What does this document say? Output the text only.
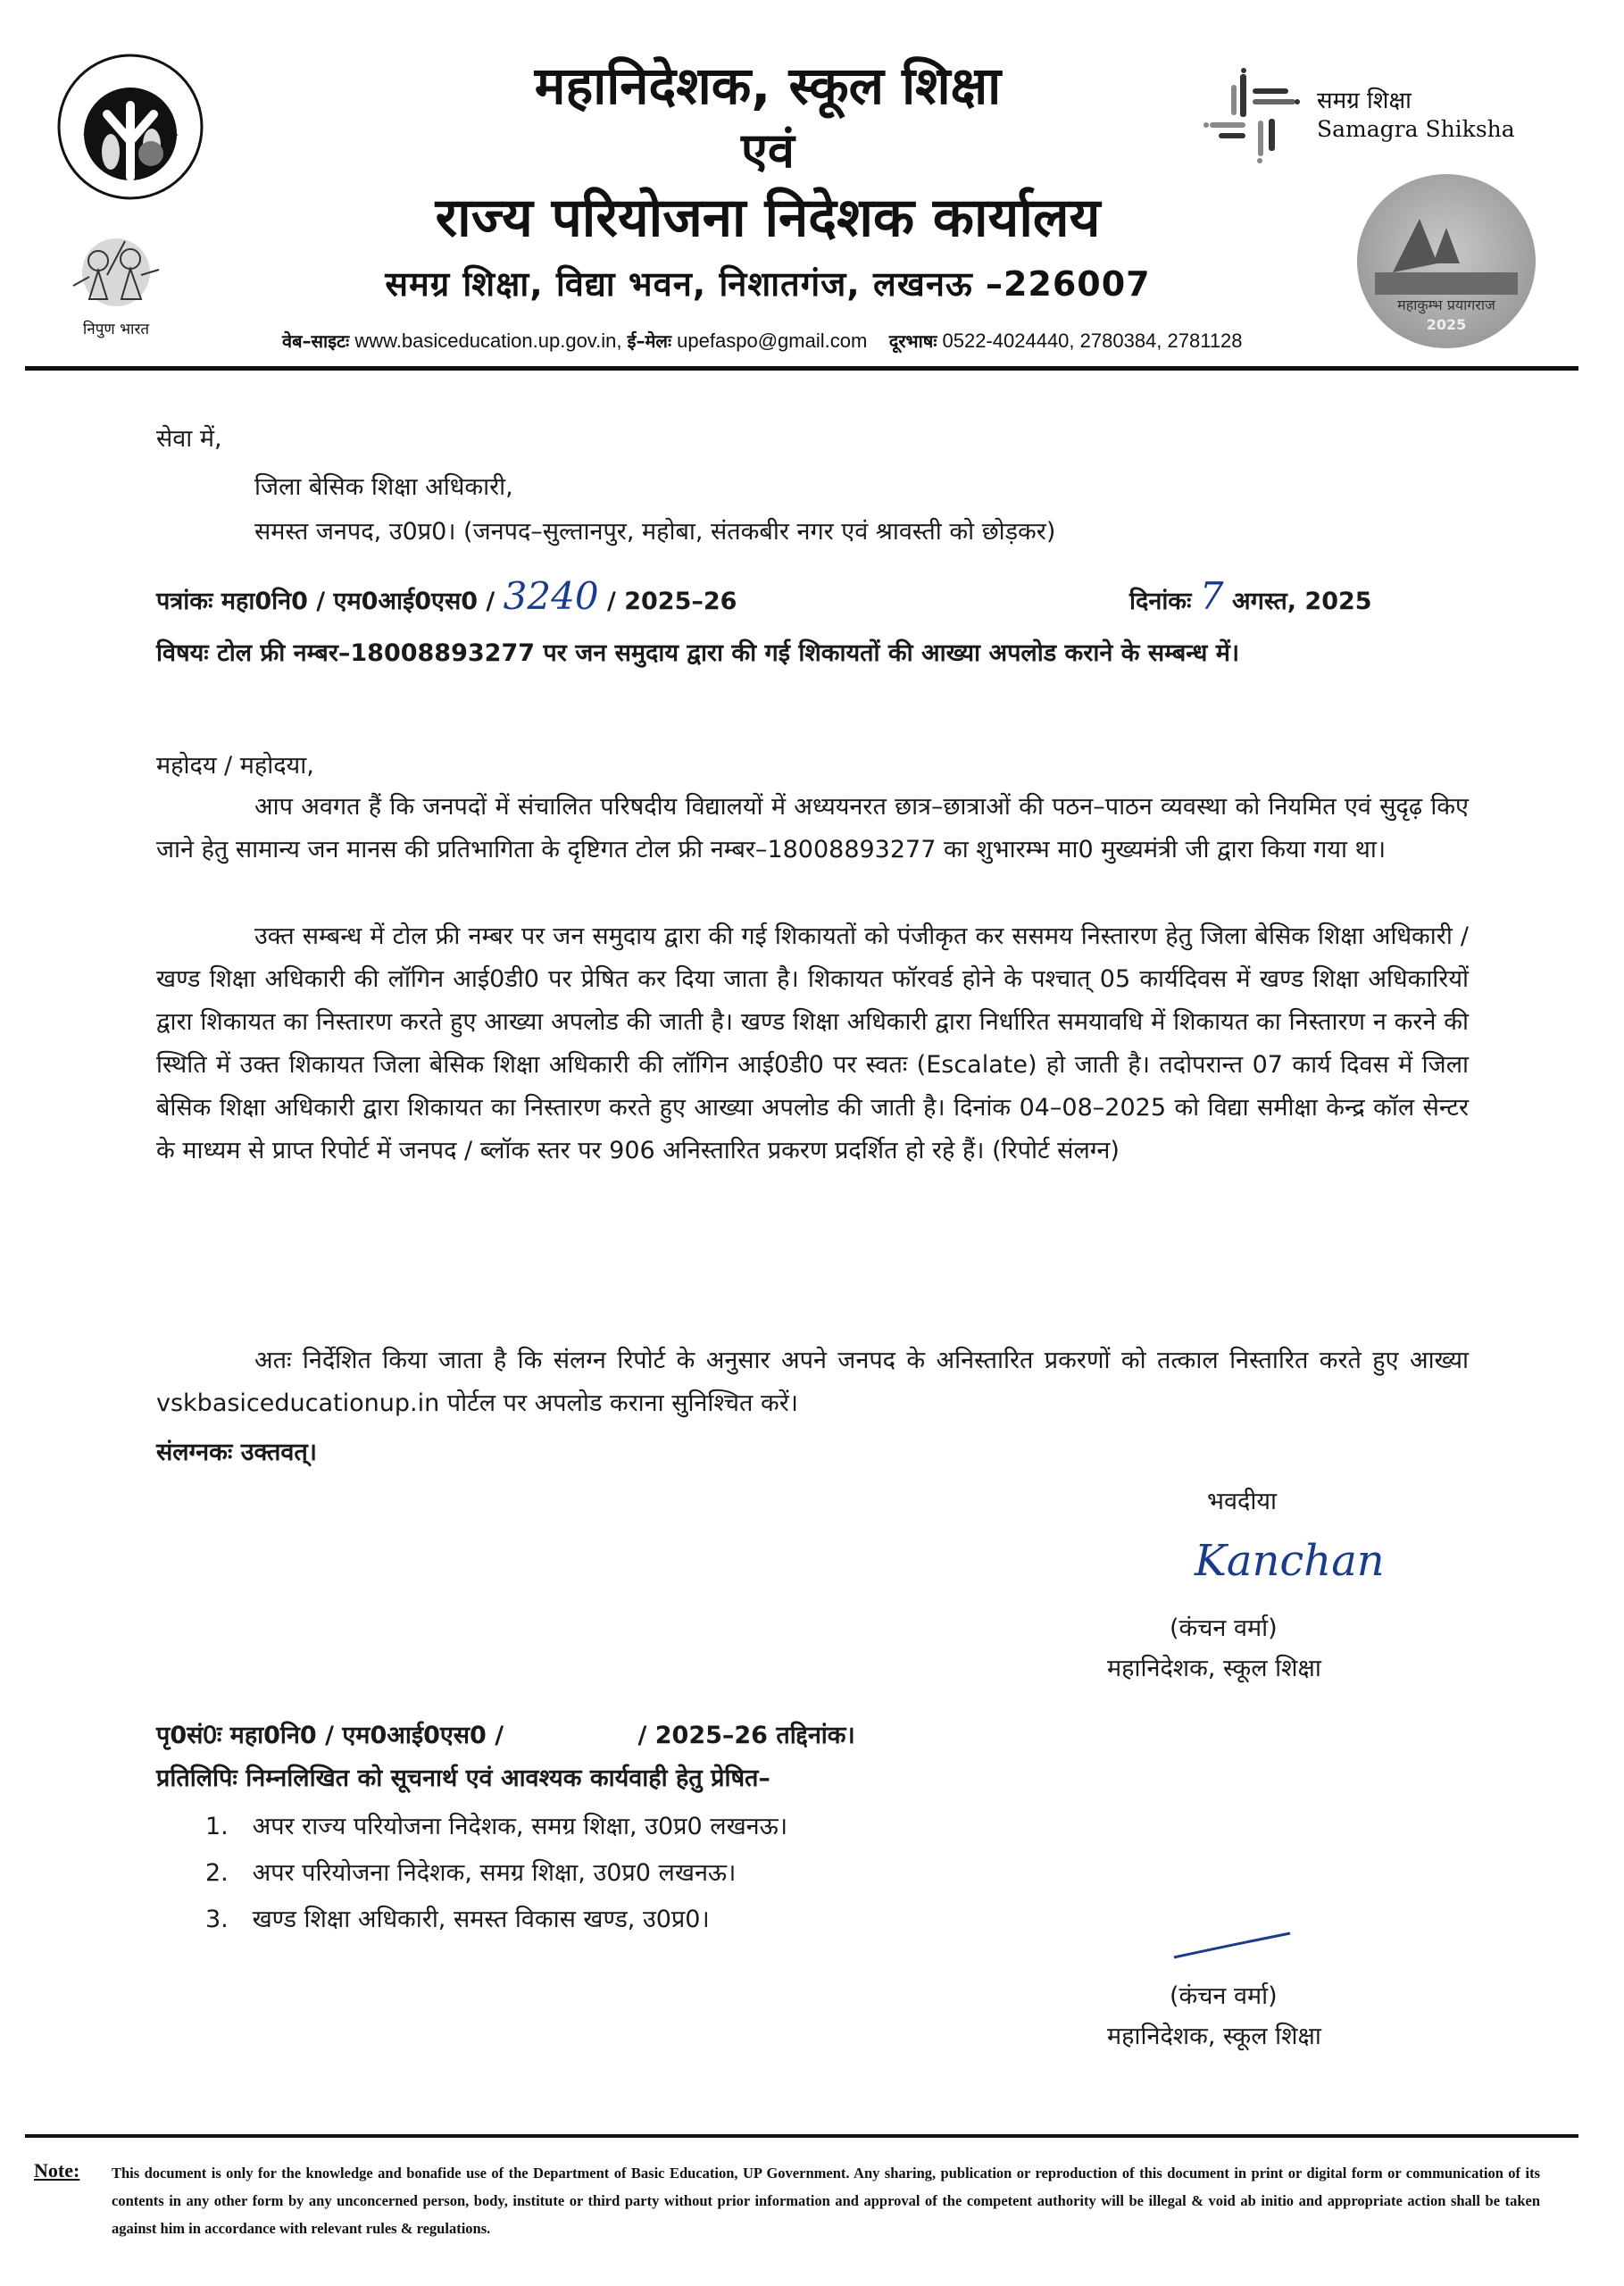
★	★
निपुण भारत
महानिदेशक, स्कूल शिक्षा
एवं
राज्य परियोजना निदेशक कार्यालय
समग्र शिक्षा, विद्या भवन, निशातगंज, लखनऊ –226007
वेब–साइटः www.basiceducation.up.gov.in, ई–मेलः upefaspo@gmail.com दूरभाषः 0522-4024440, 2780384, 2781128
समग्र शिक्षा
Samagra Shiksha
महाकुम्भ प्रयागराज
2025
सेवा में,
जिला बेसिक शिक्षा अधिकारी,
समस्त जनपद, उ0प्र0। (जनपद–सुल्तानपुर, महोबा, संतकबीर नगर एवं श्रावस्ती को छोड़कर)
पत्रांकः महा0नि0 / एम0आई0एस0 / 3240 / 2025–26	दिनांकः 7 अगस्त, 2025
विषयः टोल फ्री नम्बर–18008893277 पर जन समुदाय द्वारा की गई शिकायतों की आख्या अपलोड कराने के सम्बन्ध में।
महोदय / महोदया,
आप अवगत हैं कि जनपदों में संचालित परिषदीय विद्यालयों में अध्ययनरत छात्र–छात्राओं की पठन–पाठन व्यवस्था को नियमित एवं सुदृढ़ किए जाने हेतु सामान्य जन मानस की प्रतिभागिता के दृष्टिगत टोल फ्री नम्बर–18008893277 का शुभारम्भ मा0 मुख्यमंत्री जी द्वारा किया गया था।
उक्त सम्बन्ध में टोल फ्री नम्बर पर जन समुदाय द्वारा की गई शिकायतों को पंजीकृत कर ससमय निस्तारण हेतु जिला बेसिक शिक्षा अधिकारी / खण्ड शिक्षा अधिकारी की लॉगिन आई0डी0 पर प्रेषित कर दिया जाता है। शिकायत फॉरवर्ड होने के पश्चात् 05 कार्यदिवस में खण्ड शिक्षा अधिकारियों द्वारा शिकायत का निस्तारण करते हुए आख्या अपलोड की जाती है। खण्ड शिक्षा अधिकारी द्वारा निर्धारित समयावधि में शिकायत का निस्तारण न करने की स्थिति में उक्त शिकायत जिला बेसिक शिक्षा अधिकारी की लॉगिन आई0डी0 पर स्वतः (Escalate) हो जाती है। तदोपरान्त 07 कार्य दिवस में जिला बेसिक शिक्षा अधिकारी द्वारा शिकायत का निस्तारण करते हुए आख्या अपलोड की जाती है। दिनांक 04–08–2025 को विद्या समीक्षा केन्द्र कॉल सेन्टर के माध्यम से प्राप्त रिपोर्ट में जनपद / ब्लॉक स्तर पर 906 अनिस्तारित प्रकरण प्रदर्शित हो रहे हैं। (रिपोर्ट संलग्न)
अतः निर्देशित किया जाता है कि संलग्न रिपोर्ट के अनुसार अपने जनपद के अनिस्तारित प्रकरणों को तत्काल निस्तारित करते हुए आख्या vskbasiceducationup.in पोर्टल पर अपलोड कराना सुनिश्चित करें।
संलग्नकः उक्तवत्।
भवदीया
Kanchan
(कंचन वर्मा)
महानिदेशक, स्कूल शिक्षा
पृ0सं0ः महा0नि0 / एम0आई0एस0 /                / 2025–26 तद्दिनांक।
प्रतिलिपिः निम्नलिखित को सूचनार्थ एवं आवश्यक कार्यवाही हेतु प्रेषित–
1. अपर राज्य परियोजना निदेशक, समग्र शिक्षा, उ0प्र0 लखनऊ।
2. अपर परियोजना निदेशक, समग्र शिक्षा, उ0प्र0 लखनऊ।
3. खण्ड शिक्षा अधिकारी, समस्त विकास खण्ड, उ0प्र0।
(कंचन वर्मा)
महानिदेशक, स्कूल शिक्षा
Note: This document is only for the knowledge and bonafide use of the Department of Basic Education, UP Government. Any sharing, publication or reproduction of this document in print or digital form or communication of its contents in any other form by any unconcerned person, body, institute or third party without prior information and approval of the competent authority will be illegal & void ab initio and appropriate action shall be taken against him in accordance with relevant rules & regulations.
